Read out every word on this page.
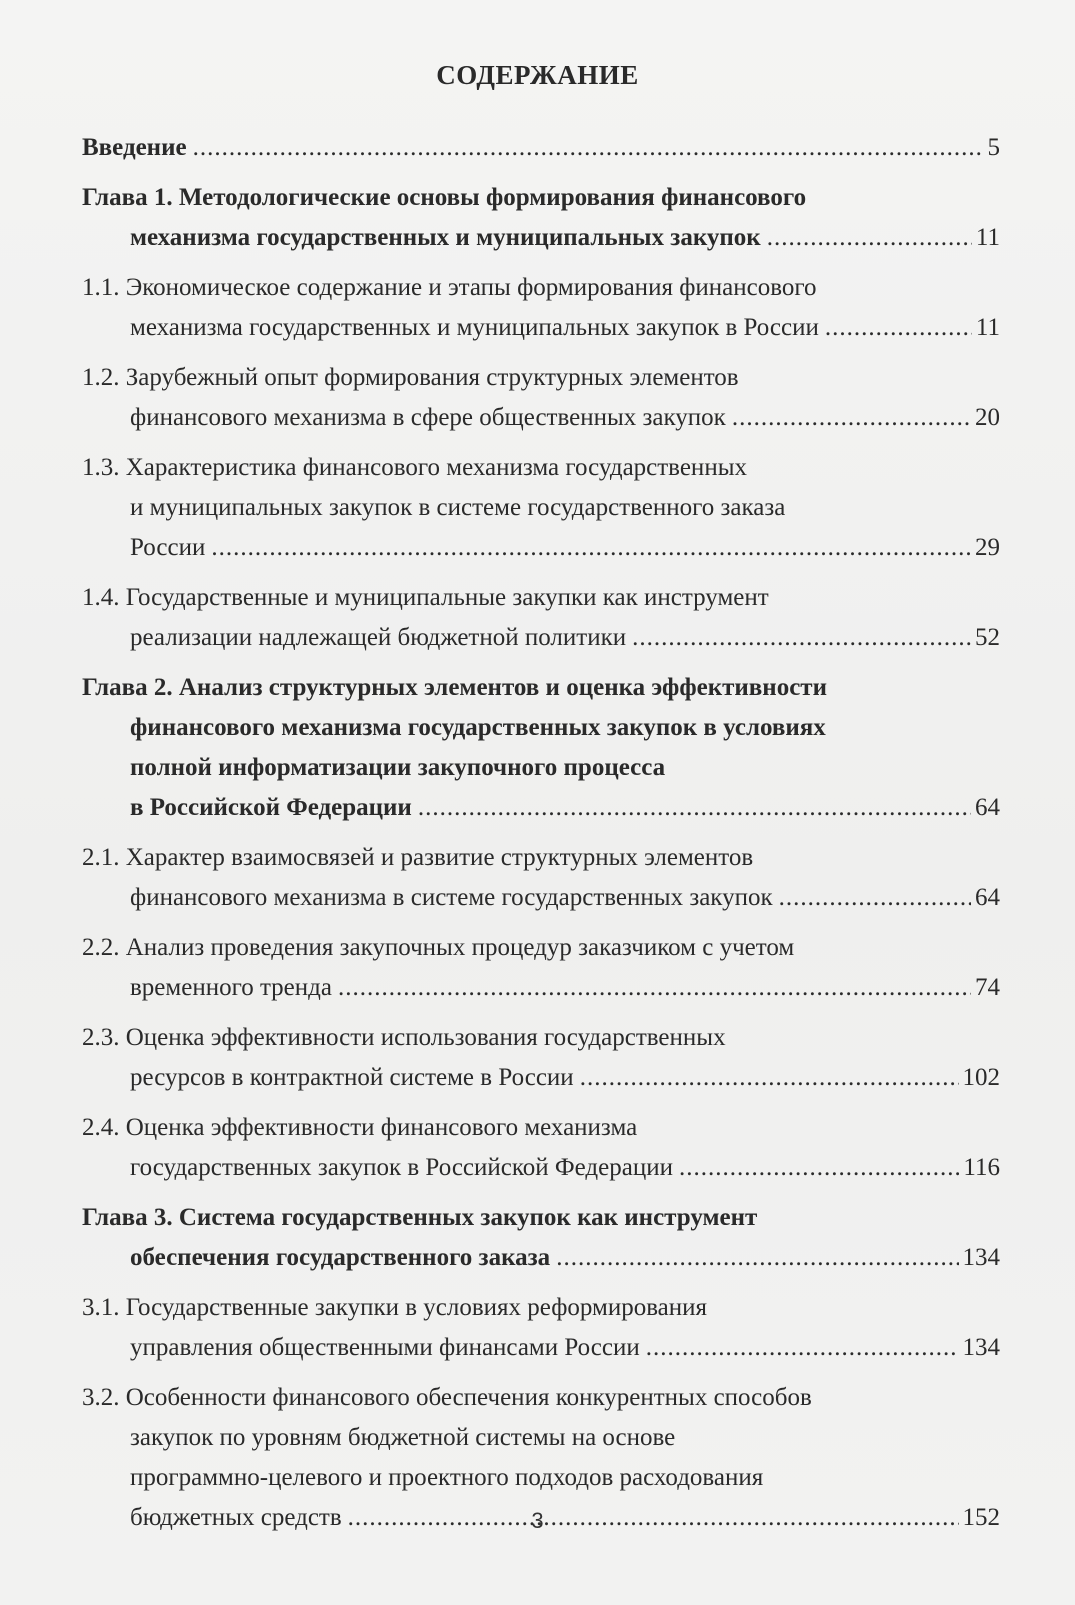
СОДЕРЖАНИЕ
Введение .....	5
Глава 1. Методологические основы формирования финансового
механизма государственных и муниципальных закупок .....	11
1.1. Экономическое содержание и этапы формирования финансового
механизма государственных и муниципальных закупок в России .....	11
1.2. Зарубежный опыт формирования структурных элементов
финансового механизма в сфере общественных закупок .....	20
1.3. Характеристика финансового механизма государственных
и муниципальных закупок в системе государственного заказа
России .....	29
1.4. Государственные и муниципальные закупки как инструмент
реализации надлежащей бюджетной политики .....	52
Глава 2. Анализ структурных элементов и оценка эффективности
финансового механизма государственных закупок в условиях
полной информатизации закупочного процесса
в Российской Федерации .....	64
2.1. Характер взаимосвязей и развитие структурных элементов
финансового механизма в системе государственных закупок .....	64
2.2. Анализ проведения закупочных процедур заказчиком с учетом
временного тренда .....	74
2.3. Оценка эффективности использования государственных
ресурсов в контрактной системе в России .....	102
2.4. Оценка эффективности финансового механизма
государственных закупок в Российской Федерации .....	116
Глава 3. Система государственных закупок как инструмент
обеспечения государственного заказа .....	134
3.1. Государственные закупки в условиях реформирования
управления общественными финансами России .....	134
3.2. Особенности финансового обеспечения конкурентных способов
закупок по уровням бюджетной системы на основе
программно-целевого и проектного подходов расходования
бюджетных средств .....	152
3
